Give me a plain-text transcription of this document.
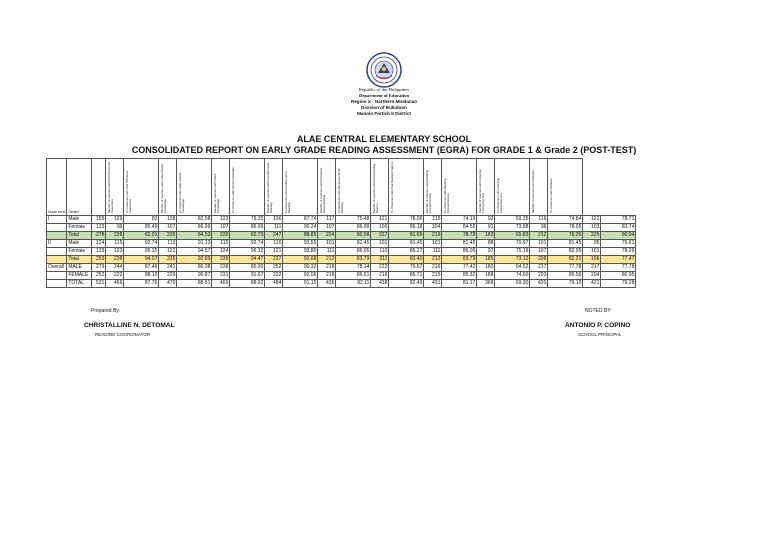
Republic of the Philippines
Department of Education
Region X - Northern Mindanao
Division of Bukidnon
Manolo Fortich II District
ALAE CENTRAL ELEMENTARY SCHOOL
CONSOLIDATED REPORT ON EARLY GRADE READING ASSESSMENT (EGRA) FOR GRADE 1 & Grade 2 (POST-TEST)
Grade Level	Gender		Number of Learners with Oral Phonemic Awareness	% of learners with Oral Phonemic Awareness	Number of Learners with Letter Sound Knowledge	% of learners with Letter Sound Knowledge	Number of Learners with Word Knowledge	% of learners with Word Knowledge	Number of Learners with Familiar Word Reading	% of learners with Familiar Word Reading	Number of Learners with Nonsense Word Reading	% of learners with Nonsense Word Reading	Number of Learners with Oral Reading Fluency	% of learners with Oral Reading Fluency	Number of Learners with Reading Comprehension	% of learners with Reading Comprehension	Number of Learners with Listening Comprehension	% of learners with Listening Comprehension	Number of Learners with Dictation	% of learners with Dictation		

I	Male	155	129	83	128	82.58	123	79.35	136	87.74	117	75.48	121	78.06	115	74.19	92	59.35	116	74.84	122	78.71
	Female	123	99	80.49	107	86.99	107	86.99	111	90.24	107	86.99	106	86.18	104	84.55	91	73.98	96	78.05	103	83.74
	Total	278	228	82.01	235	84.53	230	82.73	247	88.85	224	80.58	227	81.65	219	78.78	183	65.83	212	76.26	225	80.94
II	Male	124	115	92.74	113	91.13	115	92.74	116	93.55	101	81.45	101	81.45	101	81.45	88	70.97	101	81.45	95	76.61
	Female	129	123	95.35	122	94.57	124	96.12	121	93.80	111	86.05	110	85.27	111	86.05	97	75.19	107	82.95	101	78.29
	Total	253	238	94.07	235	92.89	239	94.47	237	93.68	212	83.79	211	83.40	212	83.79	185	73.12	208	82.21	196	77.47
Overall	MALE	279	244	87.46	241	86.38	238	85.30	252	90.32	218	78.14	222	79.57	216	77.42	180	64.52	217	77.78	217	77.78
	FEMALE	252	222	88.10	229	90.87	231	91.67	232	92.06	218	86.51	216	85.71	215	85.32	188	74.60	203	80.56	204	80.95
	TOTAL	531	466	87.76	470	88.51	469	88.32	484	91.15	436	82.11	438	82.49	431	81.17	368	69.30	420	79.10	421	79.28
Prepared By:	NOTED BY:
CHRISTALLINE N. DETOMAL
READING COORDINATOR
ANTONIO P. COPINO
SCHOOL PRINCIPAL
